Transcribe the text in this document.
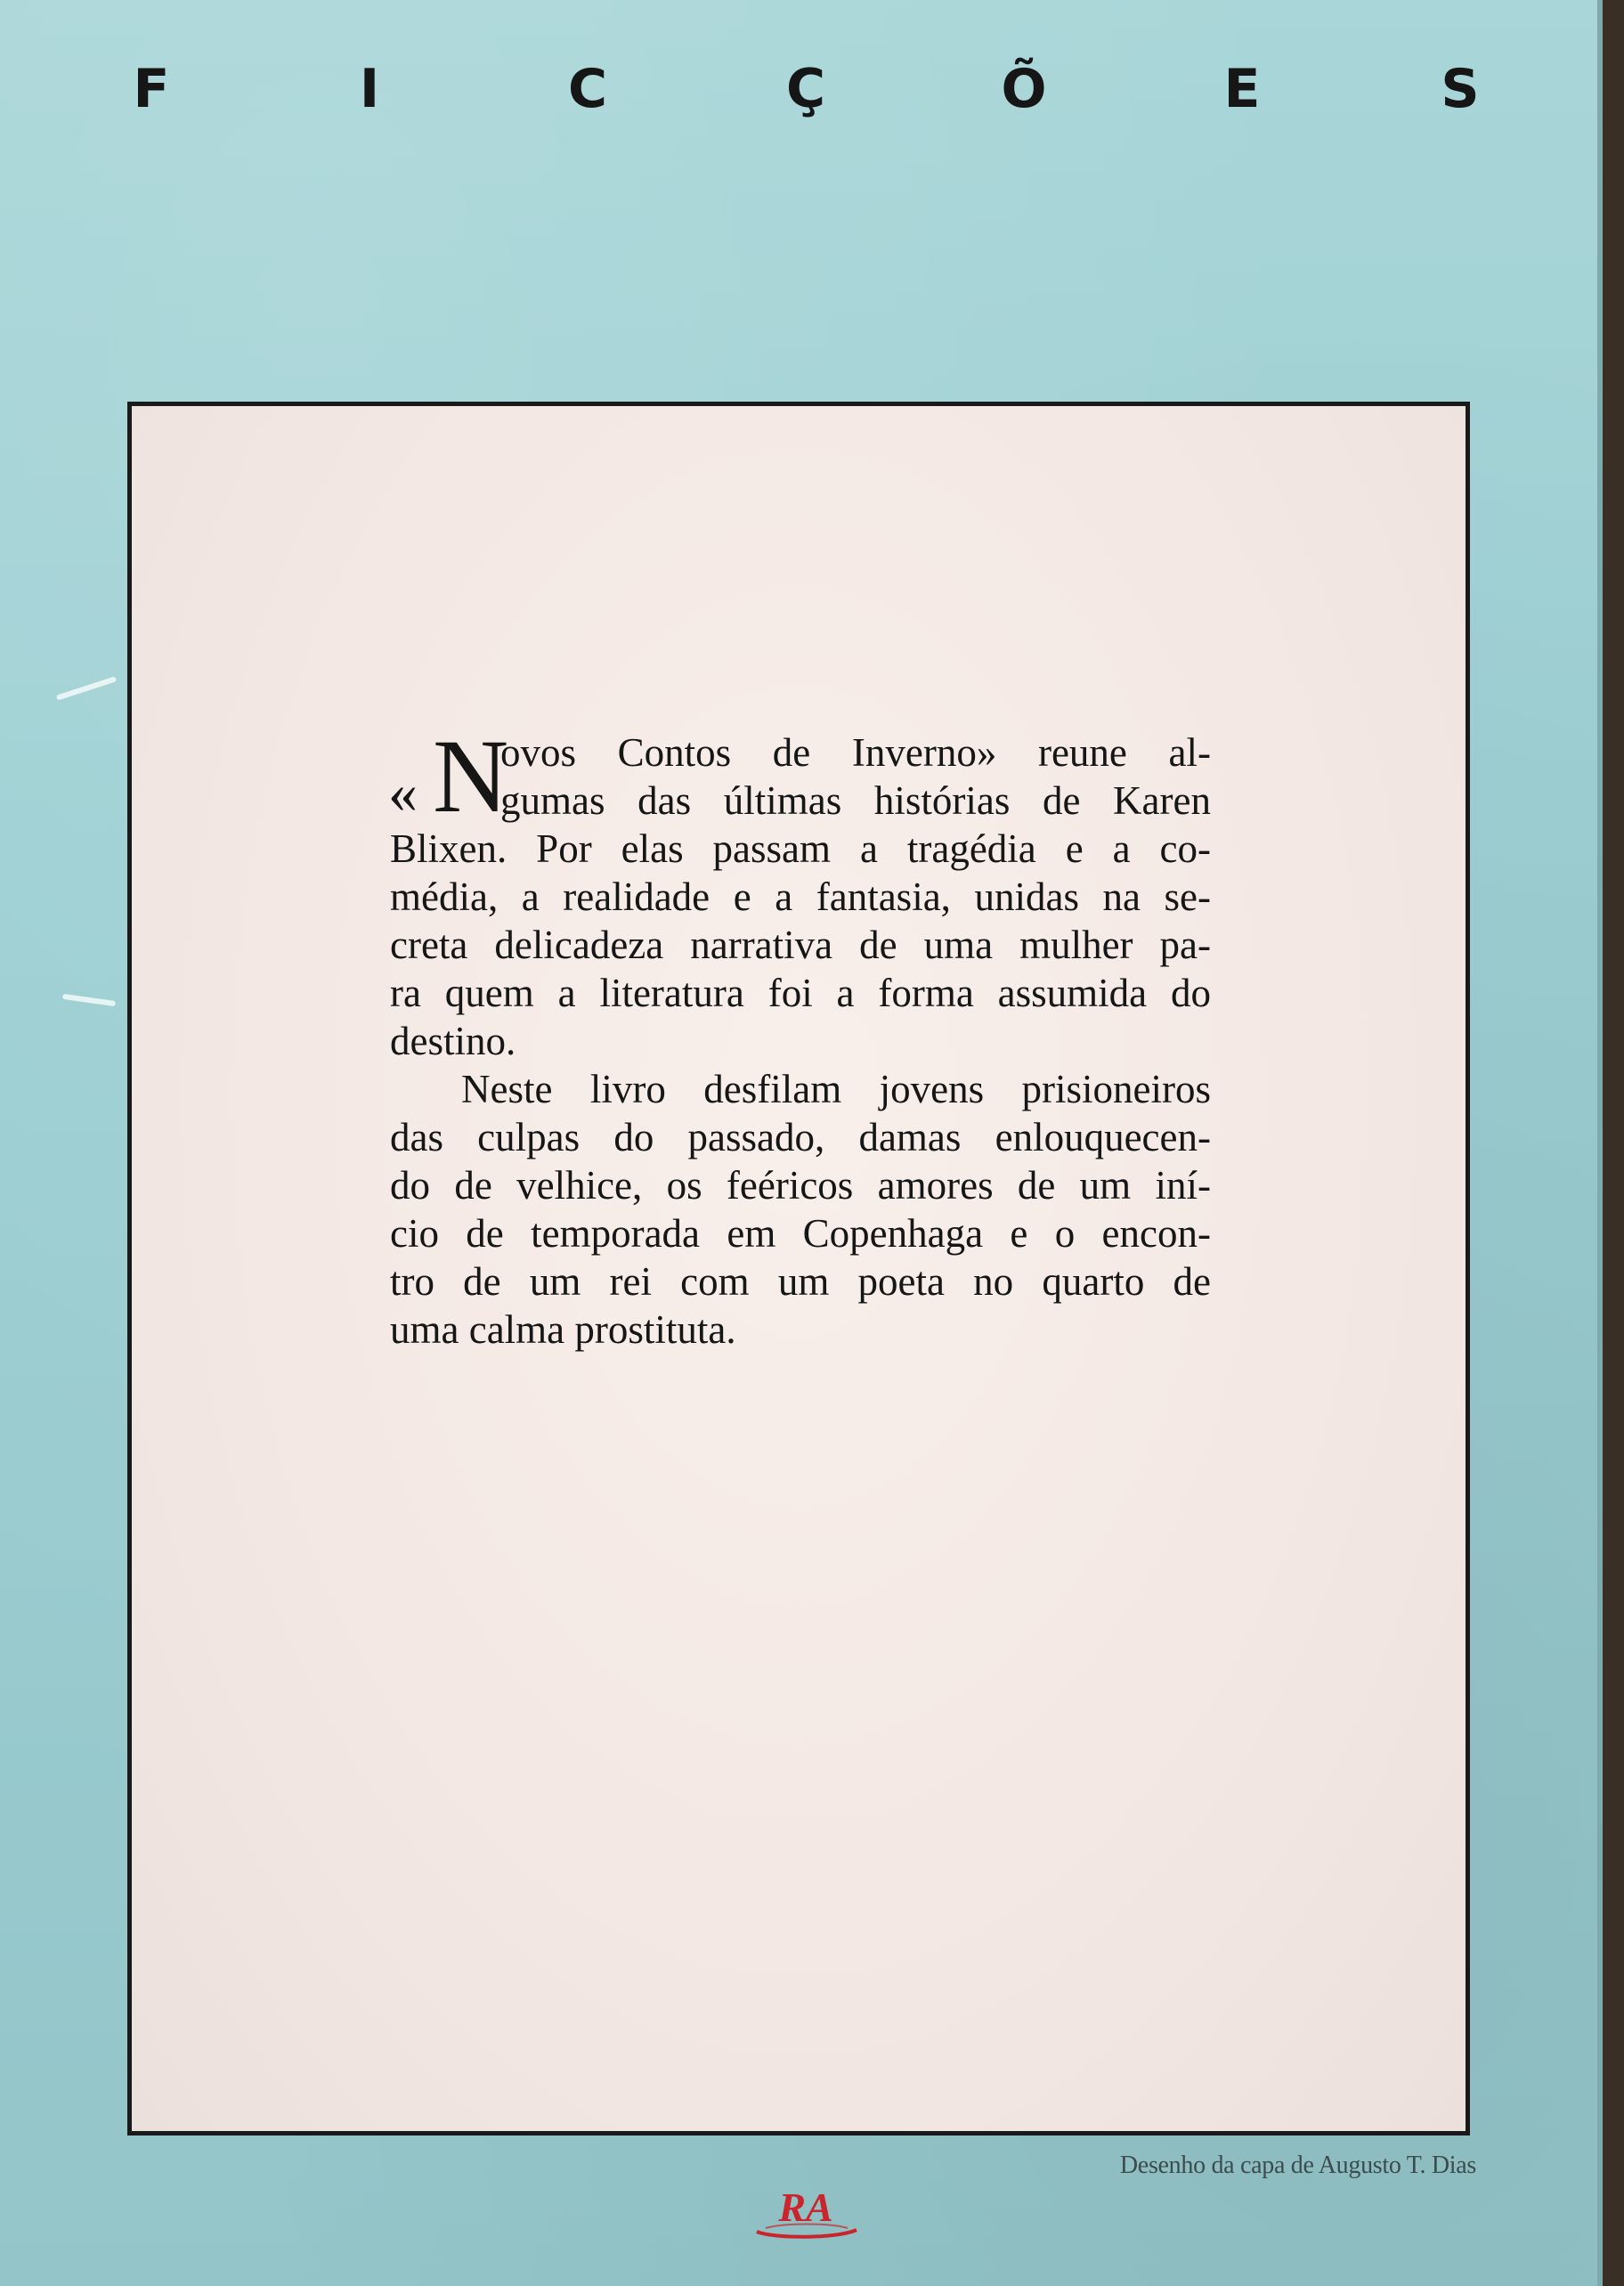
F	I	C	Ç	Õ	E	S
« N
ovos Contos de Inverno» reune al-
gumas das últimas histórias de Karen
Blixen. Por elas passam a tragédia e a co-
média, a realidade e a fantasia, unidas na se-
creta delicadeza narrativa de uma mulher pa-
ra quem a literatura foi a forma assumida do
destino.
Neste livro desfilam jovens prisioneiros
das culpas do passado, damas enlouquecen-
do de velhice, os feéricos amores de um iní-
cio de temporada em Copenhaga e o encon-
tro de um rei com um poeta no quarto de
uma calma prostituta.
Desenho da capa de Augusto T. Dias
RA
